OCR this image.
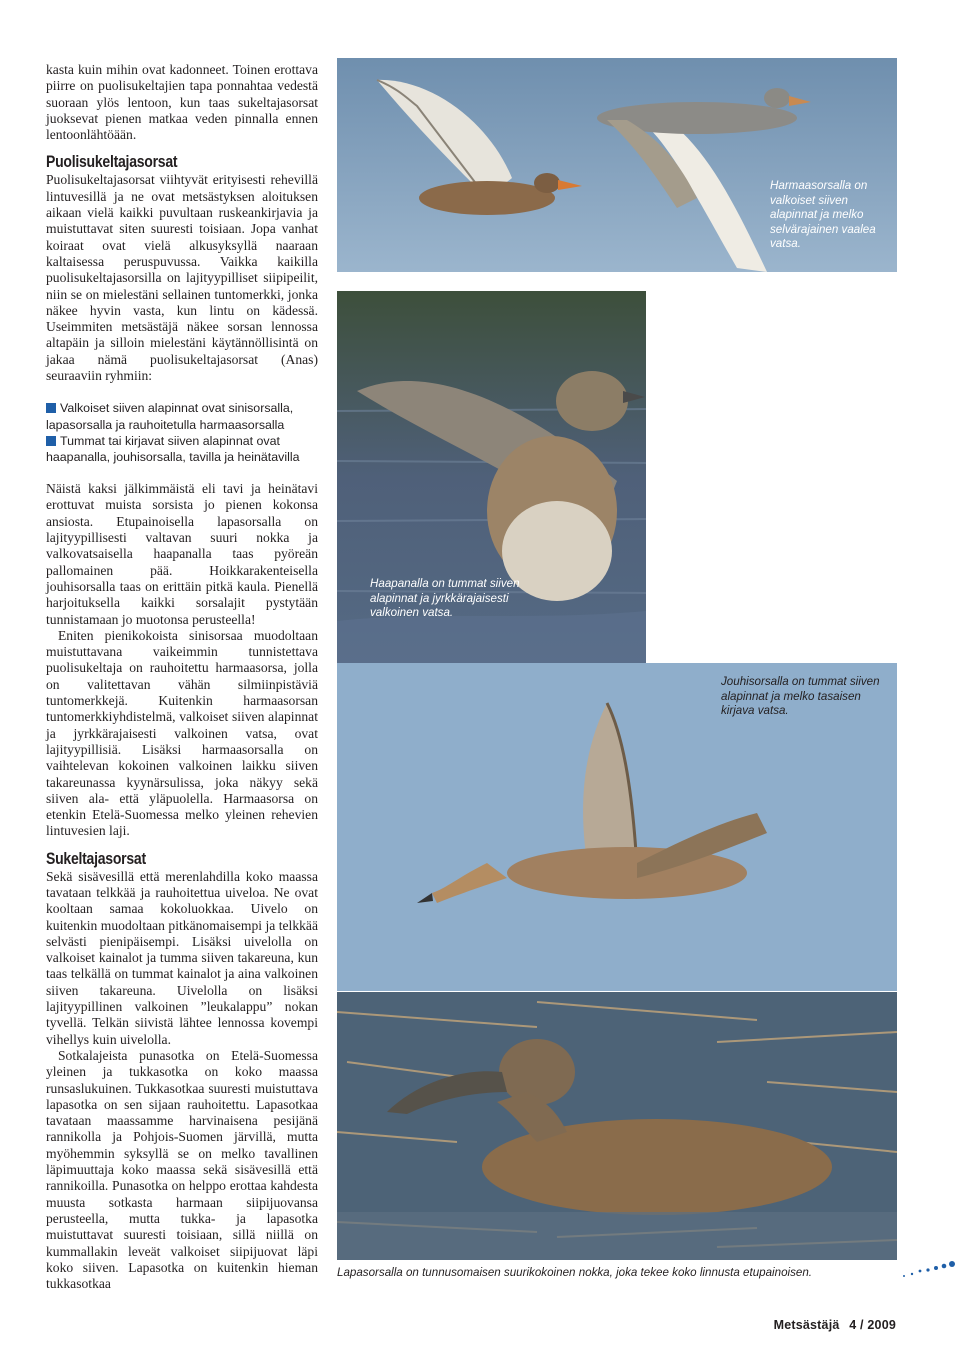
kasta kuin mihin ovat kadonneet. Toinen erottava piirre on puolisukeltajien tapa ponnahtaa vedestä suoraan ylös lentoon, kun taas sukeltajasorsat juoksevat pienen matkaa veden pinnalla ennen lentoonlähtöään.

Puolisukeltajasorsat

Puolisukeltajasorsat viihtyvät erityisesti rehevillä lintuvesillä ja ne ovat metsästyksen aloituksen aikaan vielä kaikki puvultaan ruskeankirjavia ja muistuttavat siten suuresti toisiaan. Jopa vanhat koiraat ovat vielä alkusyksyllä naaraan kaltaisessa peruspuvussa. Vaikka kaikilla puolisukeltajasorsilla on lajityypilliset siipipeilit, niin se on mielestäni sellainen tuntomerkki, jonka näkee hyvin vasta, kun lintu on kädessä. Useimmiten metsästäjä näkee sorsan lennossa altapäin ja silloin mielestäni käytännöllisintä on jakaa nämä puolisukeltajasorsat (Anas) seuraaviin ryhmiin:

Valkoiset siiven alapinnat ovat sinisorsalla, lapasorsalla ja rauhoitetulla harmaasorsalla
Tummat tai kirjavat siiven alapinnat ovat haapanalla, jouhisorsalla, tavilla ja heinätavilla

Näistä kaksi jälkimmäistä eli tavi ja heinätavi erottuvat muista sorsista jo pienen kokonsa ansiosta. Etupainoisella lapasorsalla on lajityypillisesti valtavan suuri nokka ja valkovatsaisella haapanalla taas pyöreän pallomainen pää. Hoikkarakenteisella jouhisorsalla taas on erittäin pitkä kaula. Pienellä harjoituksella kaikki sorsalajit pystytään tunnistamaan jo muotonsa perusteella!

Eniten pienikokoista sinisorsaa muodoltaan muistuttavana vaikeimmin tunnistettava puolisukeltaja on rauhoitettu harmaasorsa, jolla on valitettavan vähän silmiinpistäviä tuntomerkkejä. Kuitenkin harmaasorsan tuntomerkkiyhdistelmä, valkoiset siiven alapinnat ja jyrkkärajaisesti valkoinen vatsa, ovat lajityypillisiä. Lisäksi harmaasorsalla on vaihtelevan kokoinen valkoinen laikku siiven takareunassa kyynärsulissa, joka näkyy sekä siiven ala- että yläpuolella. Harmaasorsa on etenkin Etelä-Suomessa melko yleinen rehevien lintuvesien laji.

Sukeltajasorsat

Sekä sisävesillä että merenlahdilla koko maassa tavataan telkkää ja rauhoitettua uiveloa. Ne ovat kooltaan samaa kokoluokkaa. Uivelo on kuitenkin muodoltaan pitkänomaisempi ja telkkää selvästi pienipäisempi. Lisäksi uivelolla on valkoiset kainalot ja tumma siiven takareuna, kun taas telkällä on tummat kainalot ja aina valkoinen siiven takareuna. Uivelolla on lisäksi lajityypillinen valkoinen ”leukalappu” nokan tyvellä. Telkän siivistä lähtee lennossa kovempi vihellys kuin uivelolla.

Sotkalajeista punasotka on Etelä-Suomessa yleinen ja tukkasotka on koko maassa runsaslukuinen. Tukkasotkaa suuresti muistuttava lapasotka on sen sijaan rauhoitettu. Lapasotkaa tavataan maassamme harvinaisena pesijänä rannikolla ja Pohjois-Suomen järvillä, mutta myöhemmin syksyllä se on melko tavallinen läpimuuttaja koko maassa sekä sisävesillä että rannikoilla. Punasotka on helppo erottaa kahdesta muusta sotkasta harmaan siipijuovansa perusteella, mutta tukka- ja lapasotka muistuttavat suuresti toisiaan, sillä niillä on kummallakin leveät valkoiset siipijuovat läpi koko siiven. Lapasotka on kuitenkin hieman tukkasotkaa

Harmaasorsalla on valkoiset siiven alapinnat ja melko selvärajainen vaalea vatsa.
Haapanalla on tummat siiven alapinnat ja jyrkkärajaisesti valkoinen vatsa.
Jouhisorsalla on tummat siiven alapinnat ja melko tasaisen kirjava vatsa.
Lapasorsalla on tunnusomaisen suurikokoinen nokka, joka tekee koko linnusta etupainoisen.
Metsästäjä 4 / 2009
